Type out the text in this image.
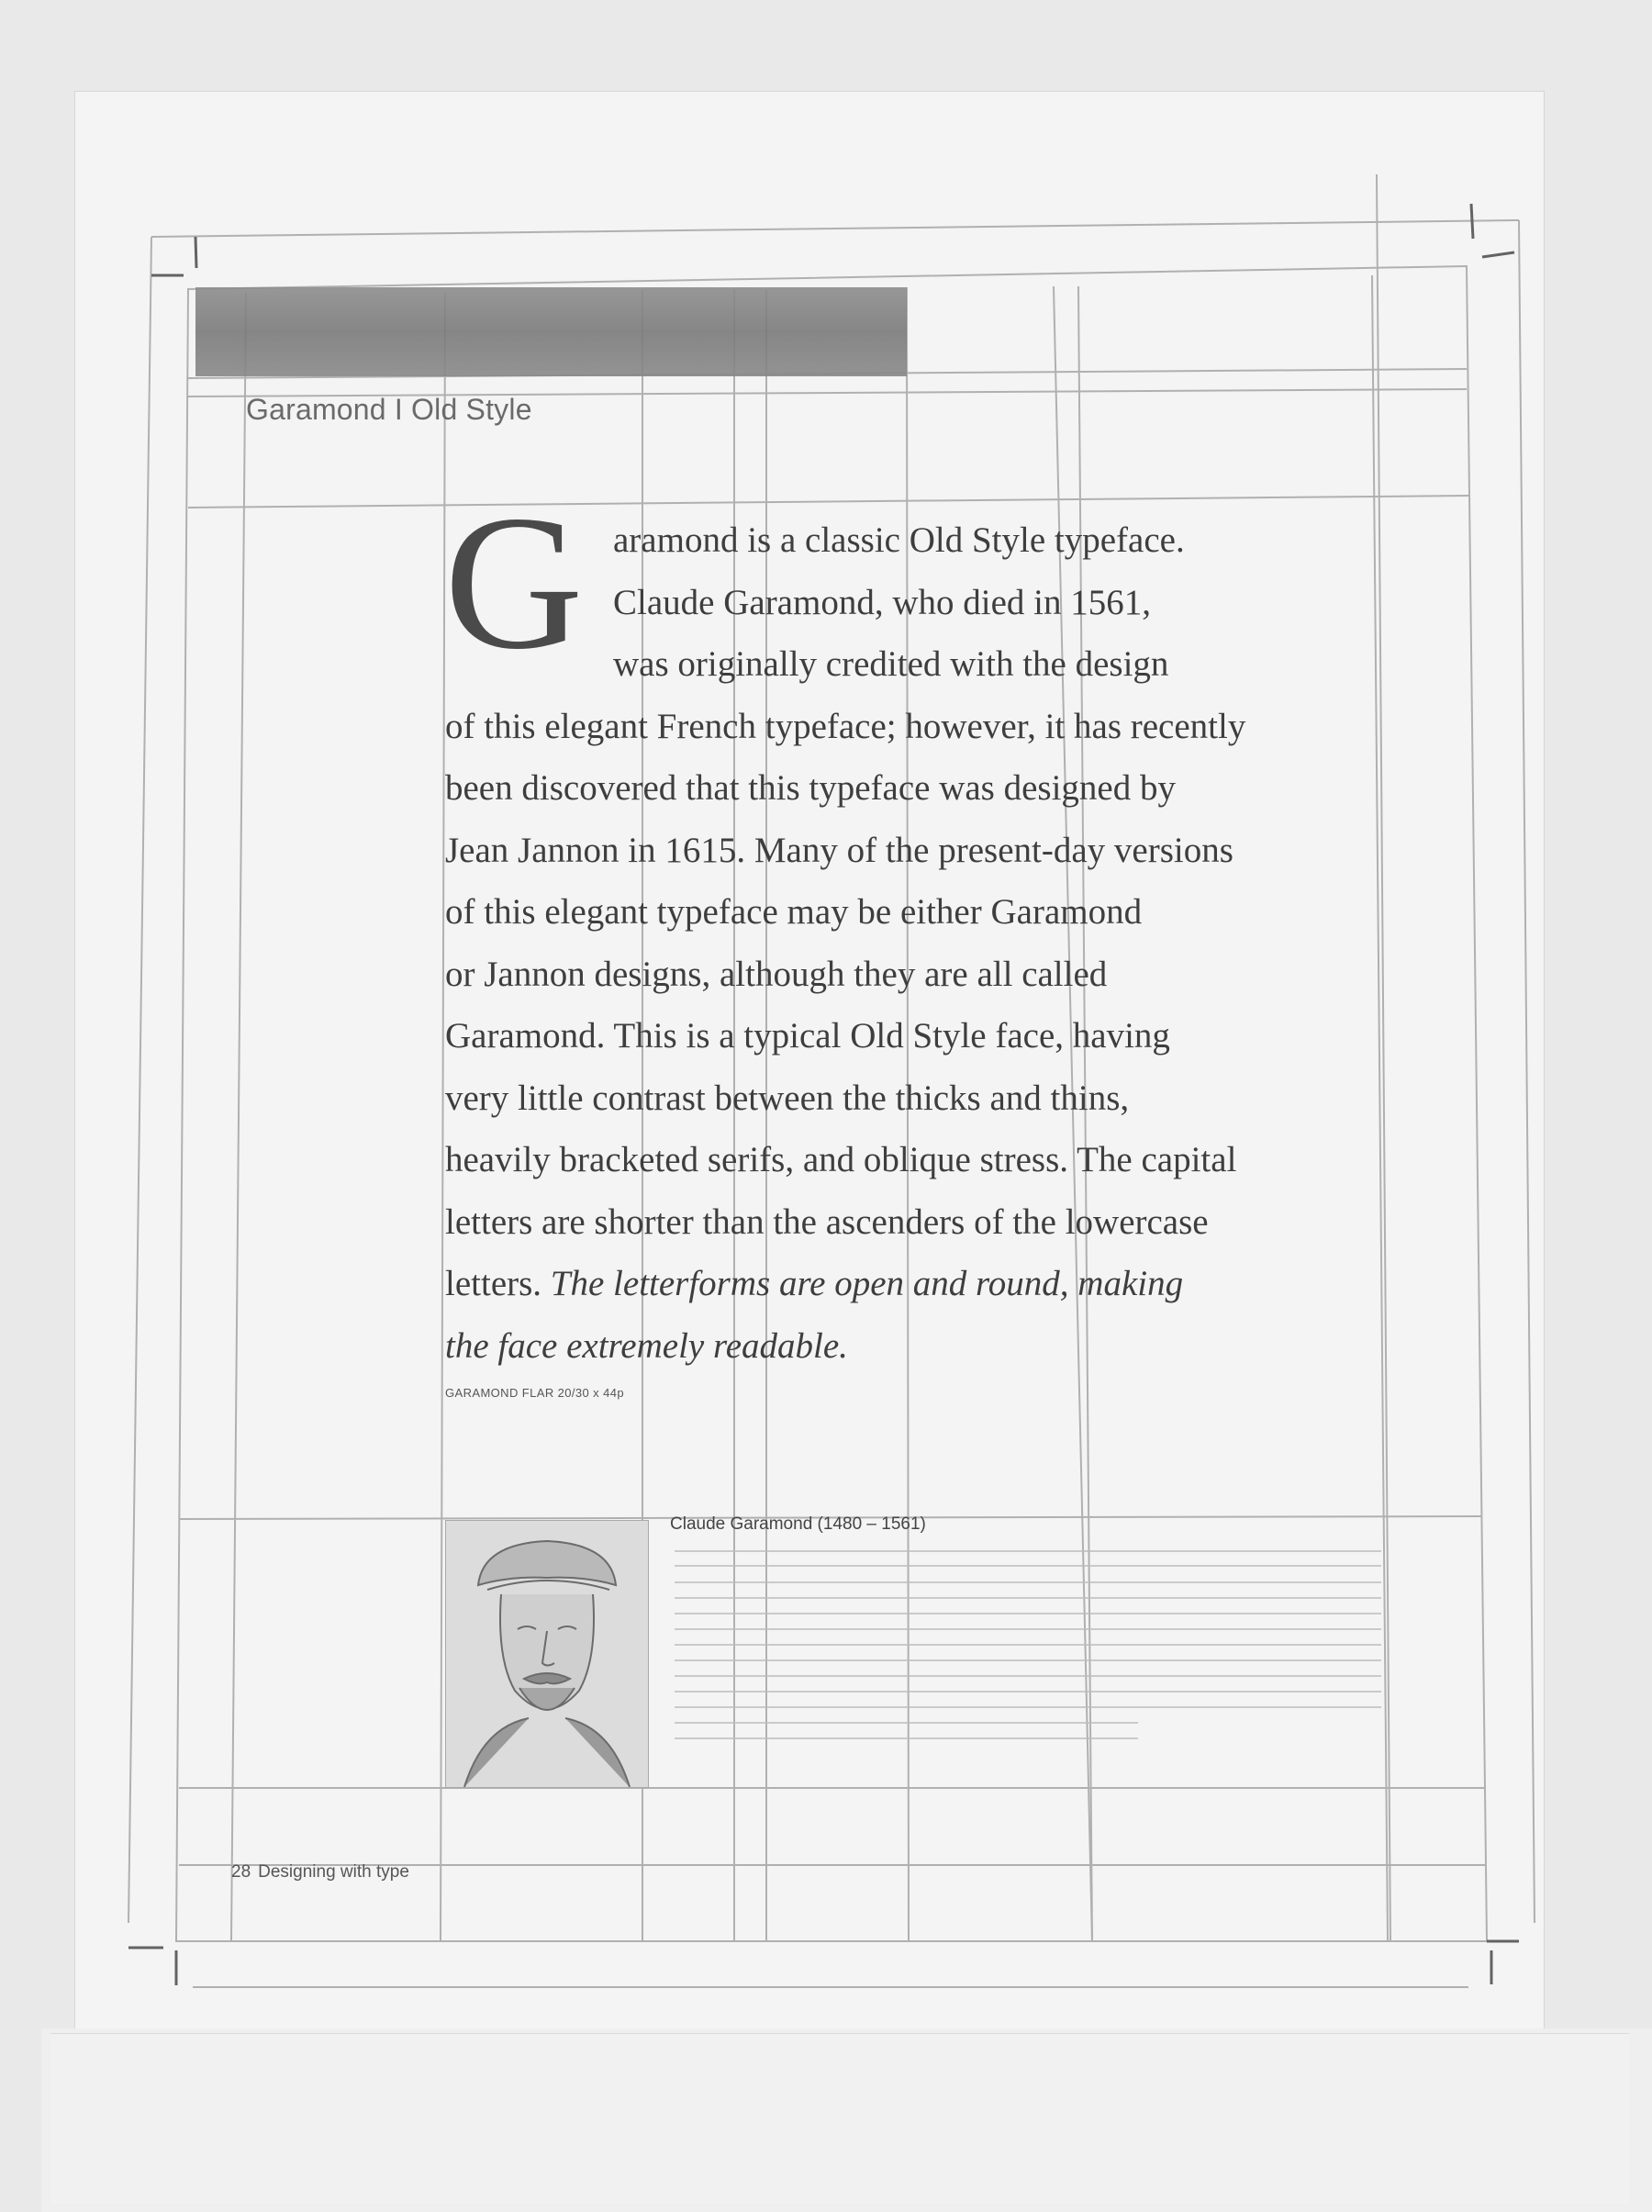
Garamond I Old Style
G aramond is a classic Old Style typeface.
Claude Garamond, who died in 1561,
was originally credited with the design
of this elegant French typeface; however, it has recently
been discovered that this typeface was designed by
Jean Jannon in 1615. Many of the present-day versions
of this elegant typeface may be either Garamond
or Jannon designs, although they are all called
Garamond. This is a typical Old Style face, having
very little contrast between the thicks and thins,
heavily bracketed serifs, and oblique stress. The capital
letters are shorter than the ascenders of the lowercase
letters. The letterforms are open and round, making
the face extremely readable.

GARAMOND FLAR 20/30 x 44p
Claude Garamond (1480 – 1561)
28 Designing with type
